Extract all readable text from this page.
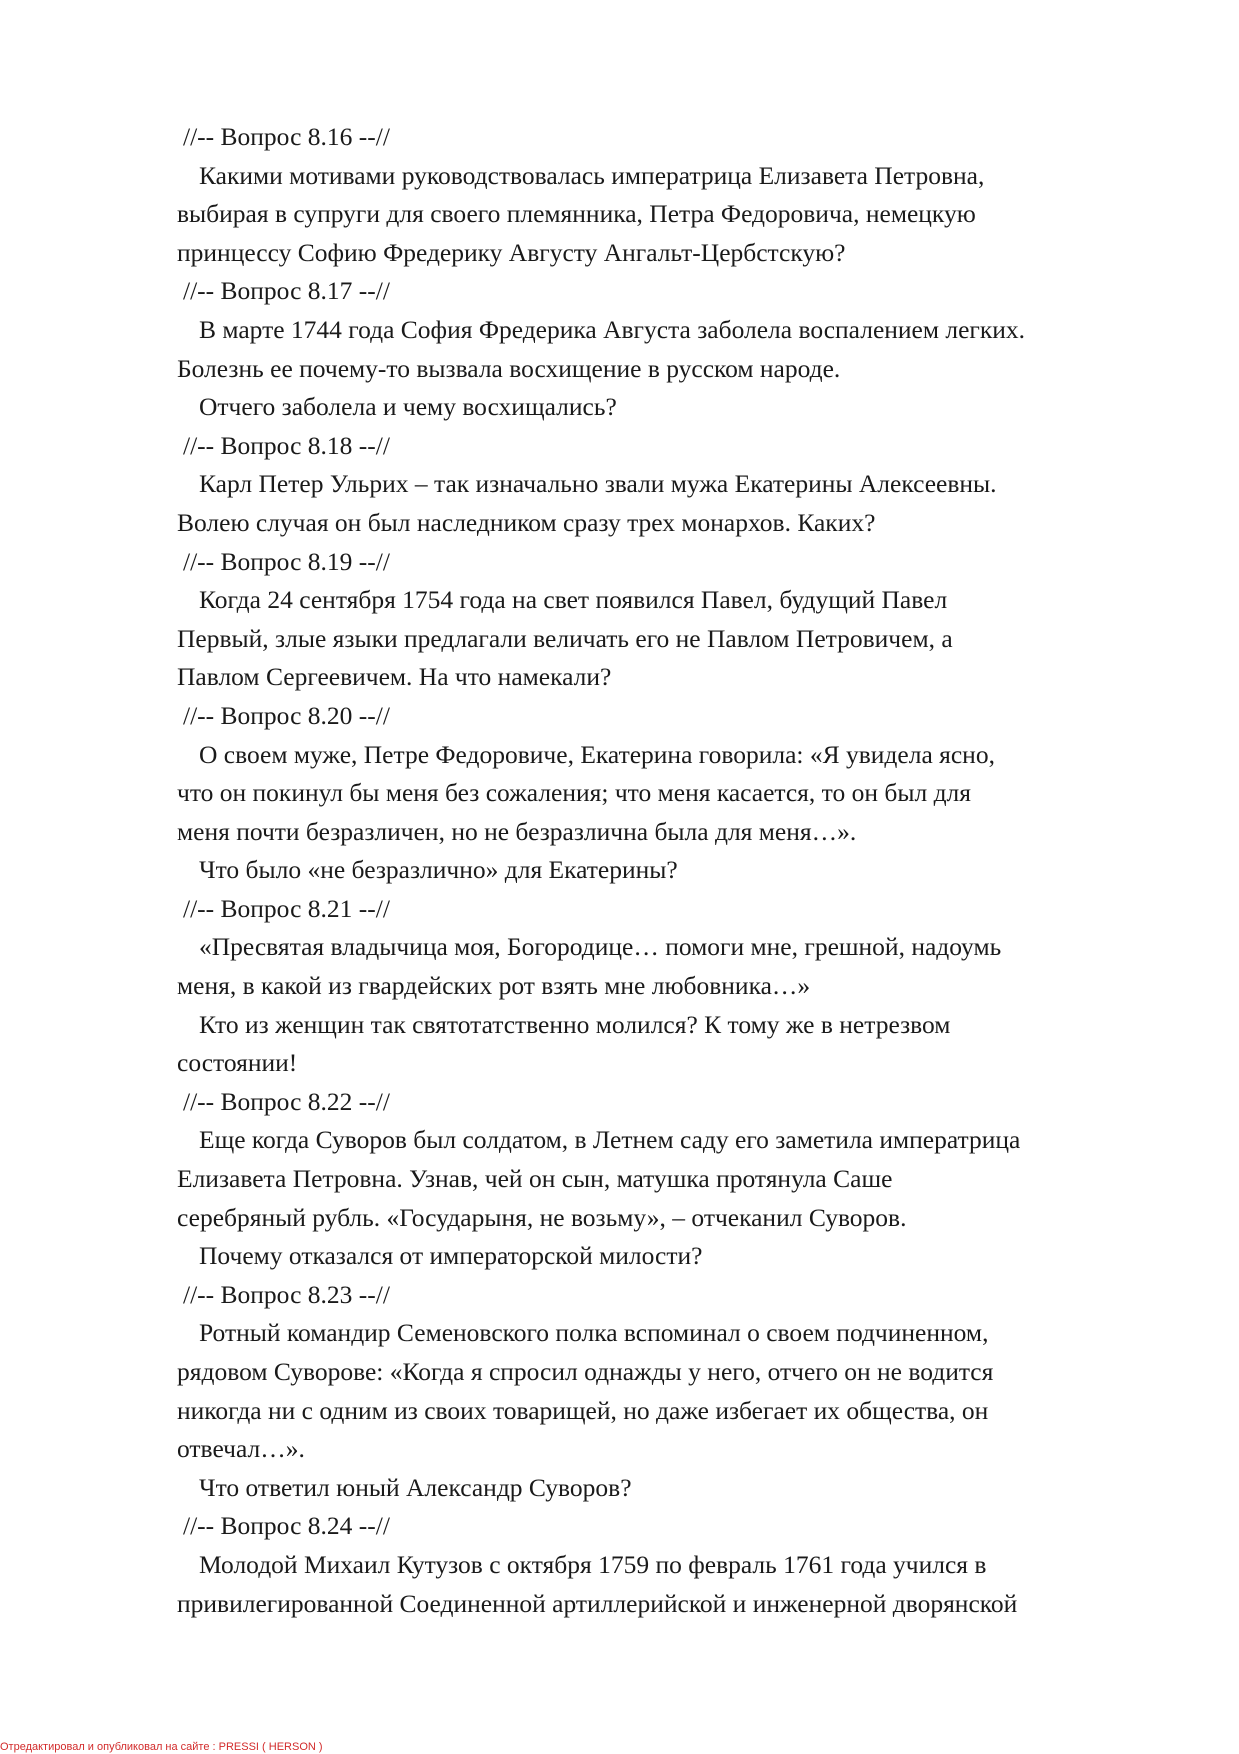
//-- Вопрос 8.16 --//
Какими мотивами руководствовалась императрица Елизавета Петровна,
выбирая в супруги для своего племянника, Петра Федоровича, немецкую
принцессу Софию Фредерику Августу Ангальт-Цербстскую?
//-- Вопрос 8.17 --//
В марте 1744 года София Фредерика Августа заболела воспалением легких.
Болезнь ее почему-то вызвала восхищение в русском народе.
Отчего заболела и чему восхищались?
//-- Вопрос 8.18 --//
Карл Петер Ульрих – так изначально звали мужа Екатерины Алексеевны.
Волею случая он был наследником сразу трех монархов. Каких?
//-- Вопрос 8.19 --//
Когда 24 сентября 1754 года на свет появился Павел, будущий Павел
Первый, злые языки предлагали величать его не Павлом Петровичем, а
Павлом Сергеевичем. На что намекали?
//-- Вопрос 8.20 --//
О своем муже, Петре Федоровиче, Екатерина говорила: «Я увидела ясно,
что он покинул бы меня без сожаления; что меня касается, то он был для
меня почти безразличен, но не безразлична была для меня…».
Что было «не безразлично» для Екатерины?
//-- Вопрос 8.21 --//
«Пресвятая владычица моя, Богородице… помоги мне, грешной, надоумь
меня, в какой из гвардейских рот взять мне любовника…»
Кто из женщин так святотатственно молился? К тому же в нетрезвом
состоянии!
//-- Вопрос 8.22 --//
Еще когда Суворов был солдатом, в Летнем саду его заметила императрица
Елизавета Петровна. Узнав, чей он сын, матушка протянула Саше
серебряный рубль. «Государыня, не возьму», – отчеканил Суворов.
Почему отказался от императорской милости?
//-- Вопрос 8.23 --//
Ротный командир Семеновского полка вспоминал о своем подчиненном,
рядовом Суворове: «Когда я спросил однажды у него, отчего он не водится
никогда ни с одним из своих товарищей, но даже избегает их общества, он
отвечал…».
Что ответил юный Александр Суворов?
//-- Вопрос 8.24 --//
Молодой Михаил Кутузов с октября 1759 по февраль 1761 года учился в
привилегированной Соединенной артиллерийской и инженерной дворянской
Отредактировал и опубликовал на сайте : PRESSI ( HERSON )
